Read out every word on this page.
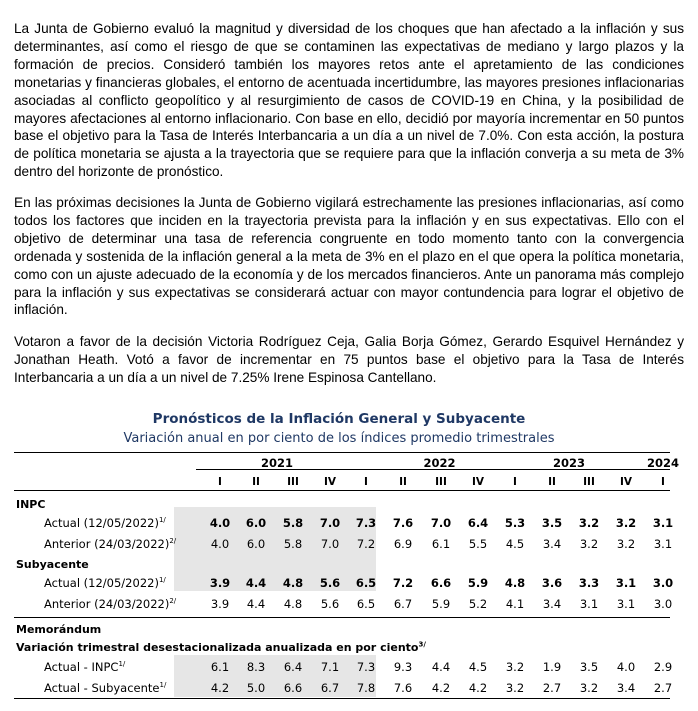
La Junta de Gobierno evaluó la magnitud y diversidad de los choques que han afectado a la inflación y sus determinantes, así como el riesgo de que se contaminen las expectativas de mediano y largo plazos y la formación de precios. Consideró también los mayores retos ante el apretamiento de las condiciones monetarias y financieras globales, el entorno de acentuada incertidumbre, las mayores presiones inflacionarias asociadas al conflicto geopolítico y al resurgimiento de casos de COVID-19 en China, y la posibilidad de mayores afectaciones al entorno inflacionario. Con base en ello, decidió por mayoría incrementar en 50 puntos base el objetivo para la Tasa de Interés Interbancaria a un día a un nivel de 7.0%. Con esta acción, la postura de política monetaria se ajusta a la trayectoria que se requiere para que la inflación converja a su meta de 3% dentro del horizonte de pronóstico.

En las próximas decisiones la Junta de Gobierno vigilará estrechamente las presiones inflacionarias, así como todos los factores que inciden en la trayectoria prevista para la inflación y en sus expectativas. Ello con el objetivo de determinar una tasa de referencia congruente en todo momento tanto con la convergencia ordenada y sostenida de la inflación general a la meta de 3% en el plazo en el que opera la política monetaria, como con un ajuste adecuado de la economía y de los mercados financieros. Ante un panorama más complejo para la inflación y sus expectativas se considerará actuar con mayor contundencia para lograr el objetivo de inflación.

Votaron a favor de la decisión Victoria Rodríguez Ceja, Galia Borja Gómez, Gerardo Esquivel Hernández y Jonathan Heath. Votó a favor de incrementar en 75 puntos base el objetivo para la Tasa de Interés Interbancaria a un día a un nivel de 7.25% Irene Espinosa Cantellano.

Pronósticos de la Inflación General y Subyacente
Variación anual en por ciento de los índices promedio trimestrales
2021	2022	2023	2024
I	II	III	IV	I	II	III	IV	I	II	III	IV	I
INPC
Actual $(12/05/2022)^{1/}$	4.0	6.0	5.8	7.0	7.3	7.6	7.0	6.4	5.3	3.5	3.2	3.2	3.1
Anterior $(24/03/2022)^{2/}$	4.0	6.0	5.8	7.0	7.2	6.9	6.1	5.5	4.5	3.4	3.2	3.2	3.1
Subyacente
Actual $(12/05/2022)^{1/}$	3.9	4.4	4.8	5.6	6.5	7.2	6.6	5.9	4.8	3.6	3.3	3.1	3.0
Anterior $(24/03/2022)^{2/}$	3.9	4.4	4.8	5.6	6.5	6.7	5.9	5.2	4.1	3.4	3.1	3.1	3.0
Memorándum
Variación trimestral desestacionalizada anualizada en por ciento$^{3/}$
Actual - $INPC^{1/}$	6.1	8.3	6.4	7.1	7.3	9.3	4.4	4.5	3.2	1.9	3.5	4.0	2.9
Actual - Subyacente$^{1/}$	4.2	5.0	6.6	6.7	7.8	7.6	4.2	4.2	3.2	2.7	3.2	3.4	2.7
